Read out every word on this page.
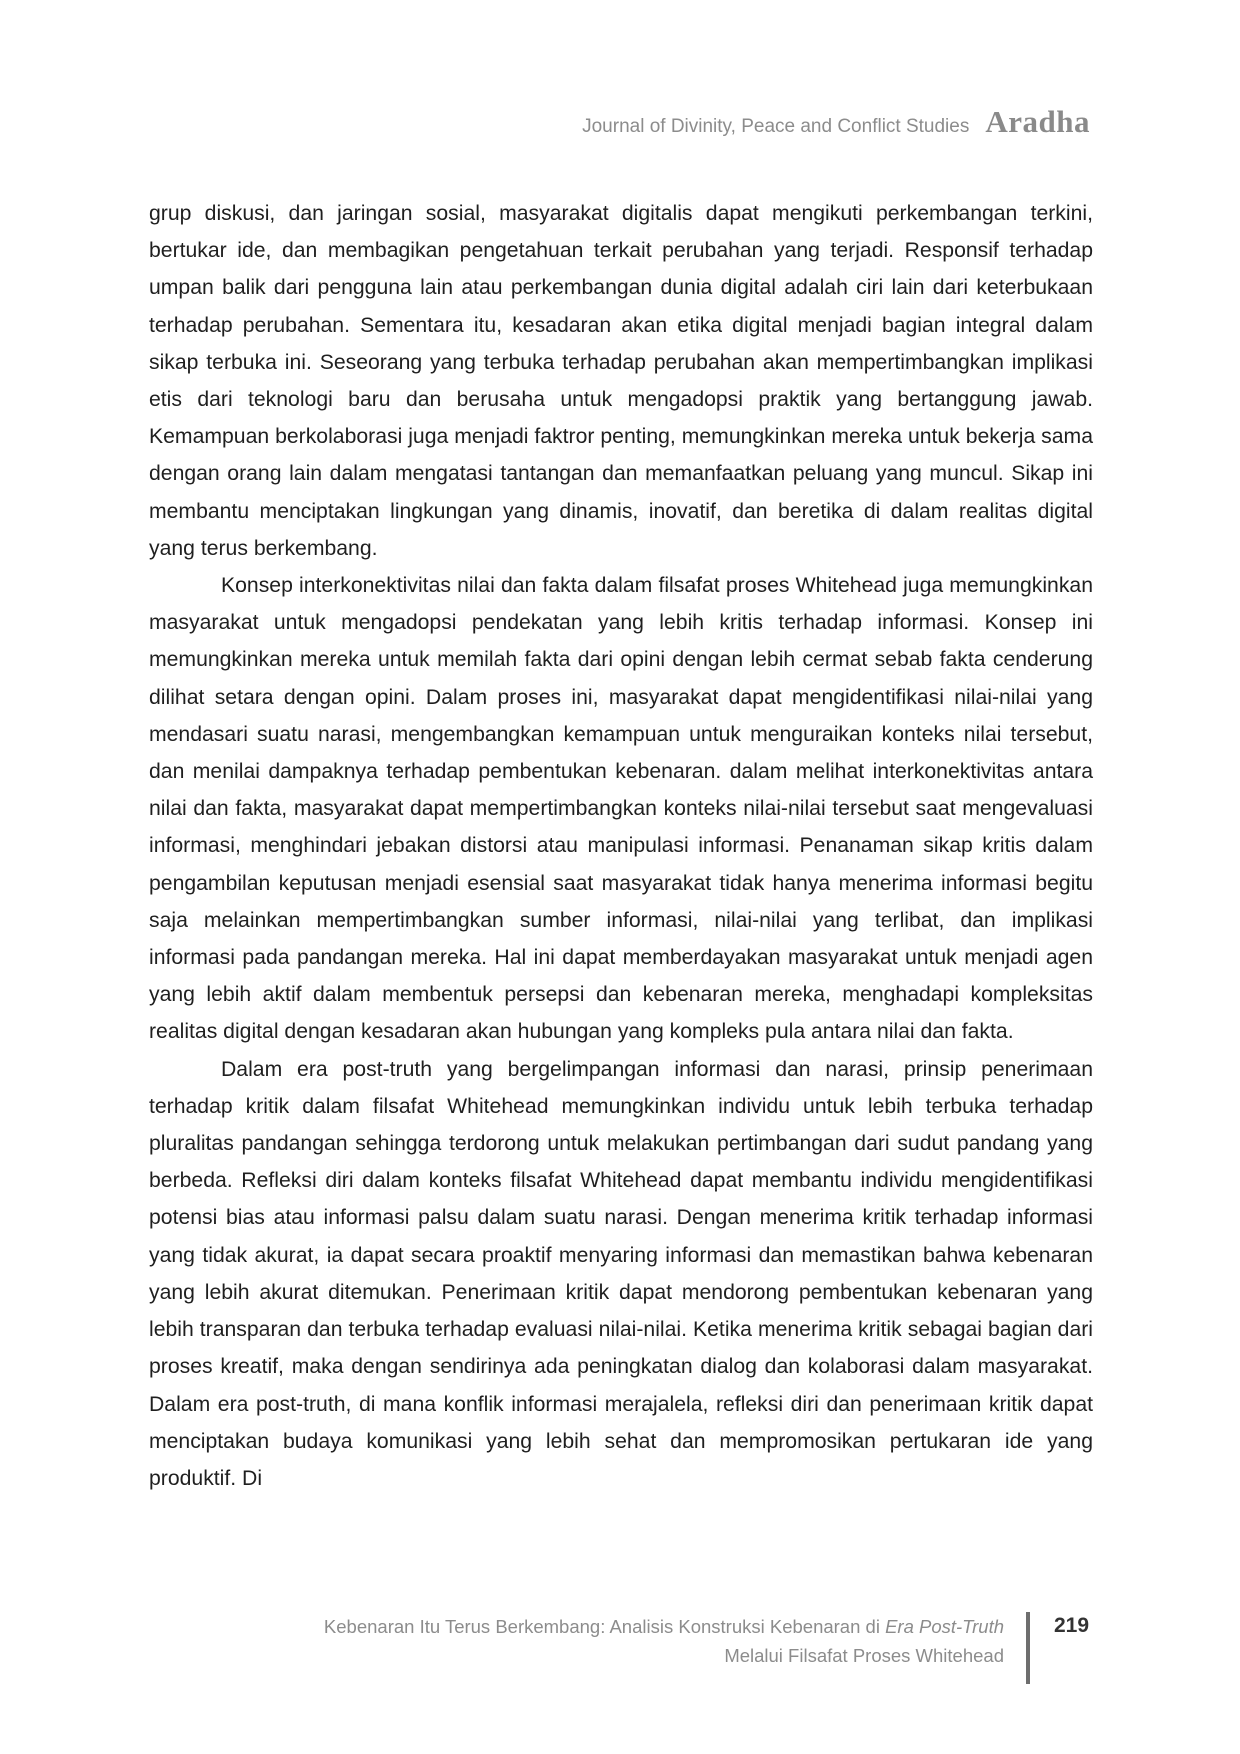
Journal of Divinity, Peace and Conflict Studies Aradha

grup diskusi, dan jaringan sosial, masyarakat digitalis dapat mengikuti perkembangan terkini, bertukar ide, dan membagikan pengetahuan terkait perubahan yang terjadi. Responsif terhadap umpan balik dari pengguna lain atau perkembangan dunia digital adalah ciri lain dari keterbukaan terhadap perubahan. Sementara itu, kesadaran akan etika digital menjadi bagian integral dalam sikap terbuka ini. Seseorang yang terbuka terhadap perubahan akan mempertimbangkan implikasi etis dari teknologi baru dan berusaha untuk mengadopsi praktik yang bertanggung jawab. Kemampuan berkolaborasi juga menjadi faktror penting, memungkinkan mereka untuk bekerja sama dengan orang lain dalam mengatasi tantangan dan memanfaatkan peluang yang muncul. Sikap ini membantu menciptakan lingkungan yang dinamis, inovatif, dan beretika di dalam realitas digital yang terus berkembang.

Konsep interkonektivitas nilai dan fakta dalam filsafat proses Whitehead juga memungkinkan masyarakat untuk mengadopsi pendekatan yang lebih kritis terhadap informasi. Konsep ini memungkinkan mereka untuk memilah fakta dari opini dengan lebih cermat sebab fakta cenderung dilihat setara dengan opini. Dalam proses ini, masyarakat dapat mengidentifikasi nilai-nilai yang mendasari suatu narasi, mengembangkan kemampuan untuk menguraikan konteks nilai tersebut, dan menilai dampaknya terhadap pembentukan kebenaran. dalam melihat interkonektivitas antara nilai dan fakta, masyarakat dapat mempertimbangkan konteks nilai-nilai tersebut saat mengevaluasi informasi, menghindari jebakan distorsi atau manipulasi informasi. Penanaman sikap kritis dalam pengambilan keputusan menjadi esensial saat masyarakat tidak hanya menerima informasi begitu saja melainkan mempertimbangkan sumber informasi, nilai-nilai yang terlibat, dan implikasi informasi pada pandangan mereka. Hal ini dapat memberdayakan masyarakat untuk menjadi agen yang lebih aktif dalam membentuk persepsi dan kebenaran mereka, menghadapi kompleksitas realitas digital dengan kesadaran akan hubungan yang kompleks pula antara nilai dan fakta.

Dalam era post-truth yang bergelimpangan informasi dan narasi, prinsip penerimaan terhadap kritik dalam filsafat Whitehead memungkinkan individu untuk lebih terbuka terhadap pluralitas pandangan sehingga terdorong untuk melakukan pertimbangan dari sudut pandang yang berbeda. Refleksi diri dalam konteks filsafat Whitehead dapat membantu individu mengidentifikasi potensi bias atau informasi palsu dalam suatu narasi. Dengan menerima kritik terhadap informasi yang tidak akurat, ia dapat secara proaktif menyaring informasi dan memastikan bahwa kebenaran yang lebih akurat ditemukan. Penerimaan kritik dapat mendorong pembentukan kebenaran yang lebih transparan dan terbuka terhadap evaluasi nilai-nilai. Ketika menerima kritik sebagai bagian dari proses kreatif, maka dengan sendirinya ada peningkatan dialog dan kolaborasi dalam masyarakat. Dalam era post-truth, di mana konflik informasi merajalela, refleksi diri dan penerimaan kritik dapat menciptakan budaya komunikasi yang lebih sehat dan mempromosikan pertukaran ide yang produktif. Di

Kebenaran Itu Terus Berkembang: Analisis Konstruksi Kebenaran di Era Post-Truth
Melalui Filsafat Proses Whitehead
219
